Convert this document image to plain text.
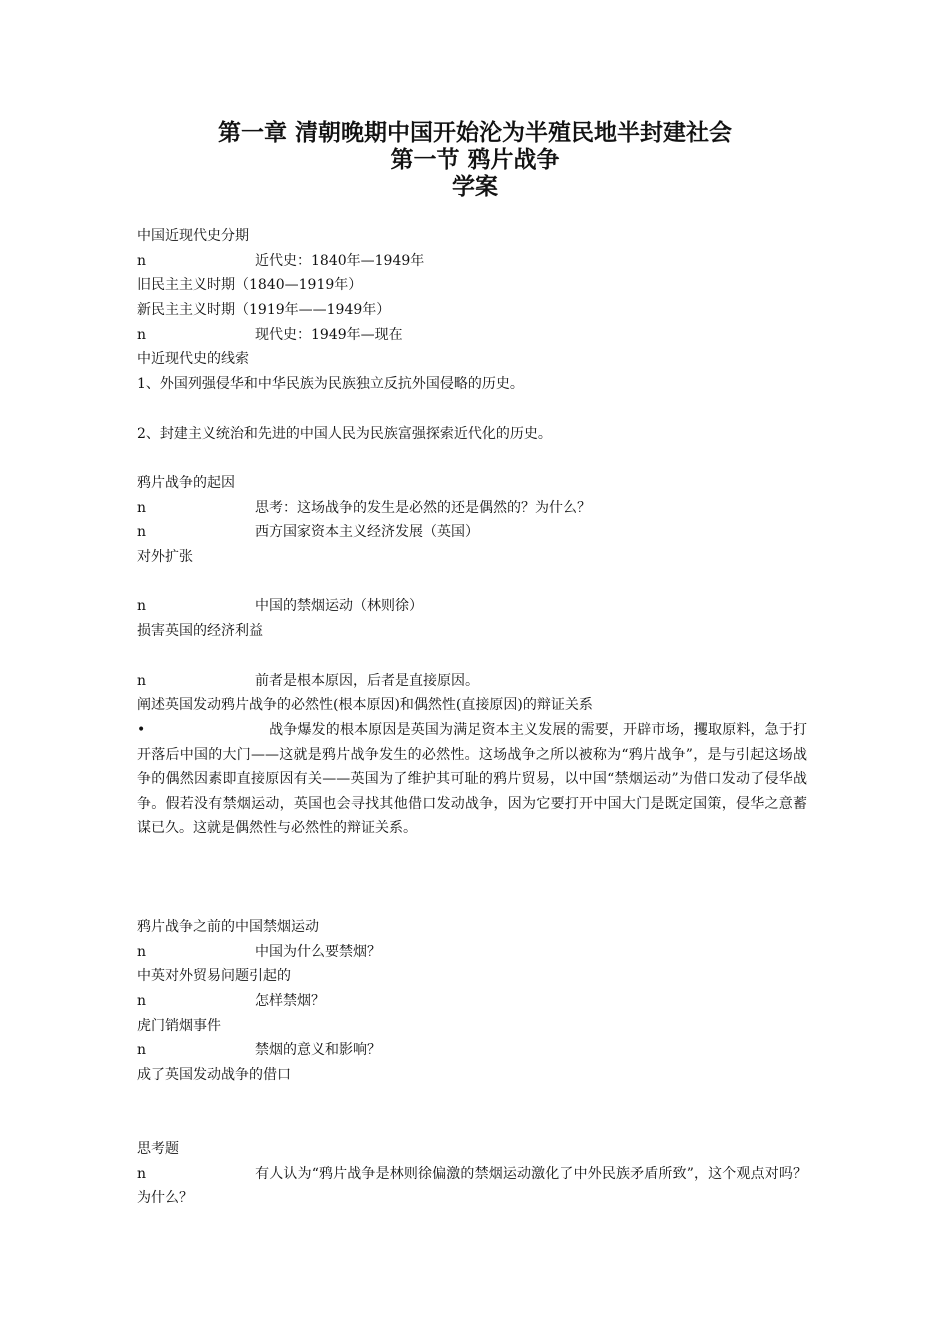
第一章 清朝晚期中国开始沦为半殖民地半封建社会
第一节 鸦片战争
学案
中国近现代史分期
n	近代史：1840年—1949年
旧民主主义时期（1840—1919年）
新民主主义时期（1919年——1949年）
n	现代史：1949年—现在
中近现代史的线索
1、外国列强侵华和中华民族为民族独立反抗外国侵略的历史。
2、封建主义统治和先进的中国人民为民族富强探索近代化的历史。
鸦片战争的起因
n	思考：这场战争的发生是必然的还是偶然的？为什么？
n	西方国家资本主义经济发展（英国）
对外扩张
n	中国的禁烟运动（林则徐）
损害英国的经济利益
n	前者是根本原因，后者是直接原因。
阐述英国发动鸦片战争的必然性(根本原因)和偶然性(直接原因)的辩证关系
•	战争爆发的根本原因是英国为满足资本主义发展的需要，开辟市场，攫取原料，急于打开落后中国的大门——这就是鸦片战争发生的必然性。这场战争之所以被称为“鸦片战争”，是与引起这场战争的偶然因素即直接原因有关——英国为了维护其可耻的鸦片贸易，以中国“禁烟运动”为借口发动了侵华战争。假若没有禁烟运动，英国也会寻找其他借口发动战争，因为它要打开中国大门是既定国策，侵华之意蓄谋已久。这就是偶然性与必然性的辩证关系。
鸦片战争之前的中国禁烟运动
n	中国为什么要禁烟？
中英对外贸易问题引起的
n	怎样禁烟？
虎门销烟事件
n	禁烟的意义和影响？
成了英国发动战争的借口
思考题
n	有人认为“鸦片战争是林则徐偏激的禁烟运动激化了中外民族矛盾所致”，这个观点对吗？为什么？
